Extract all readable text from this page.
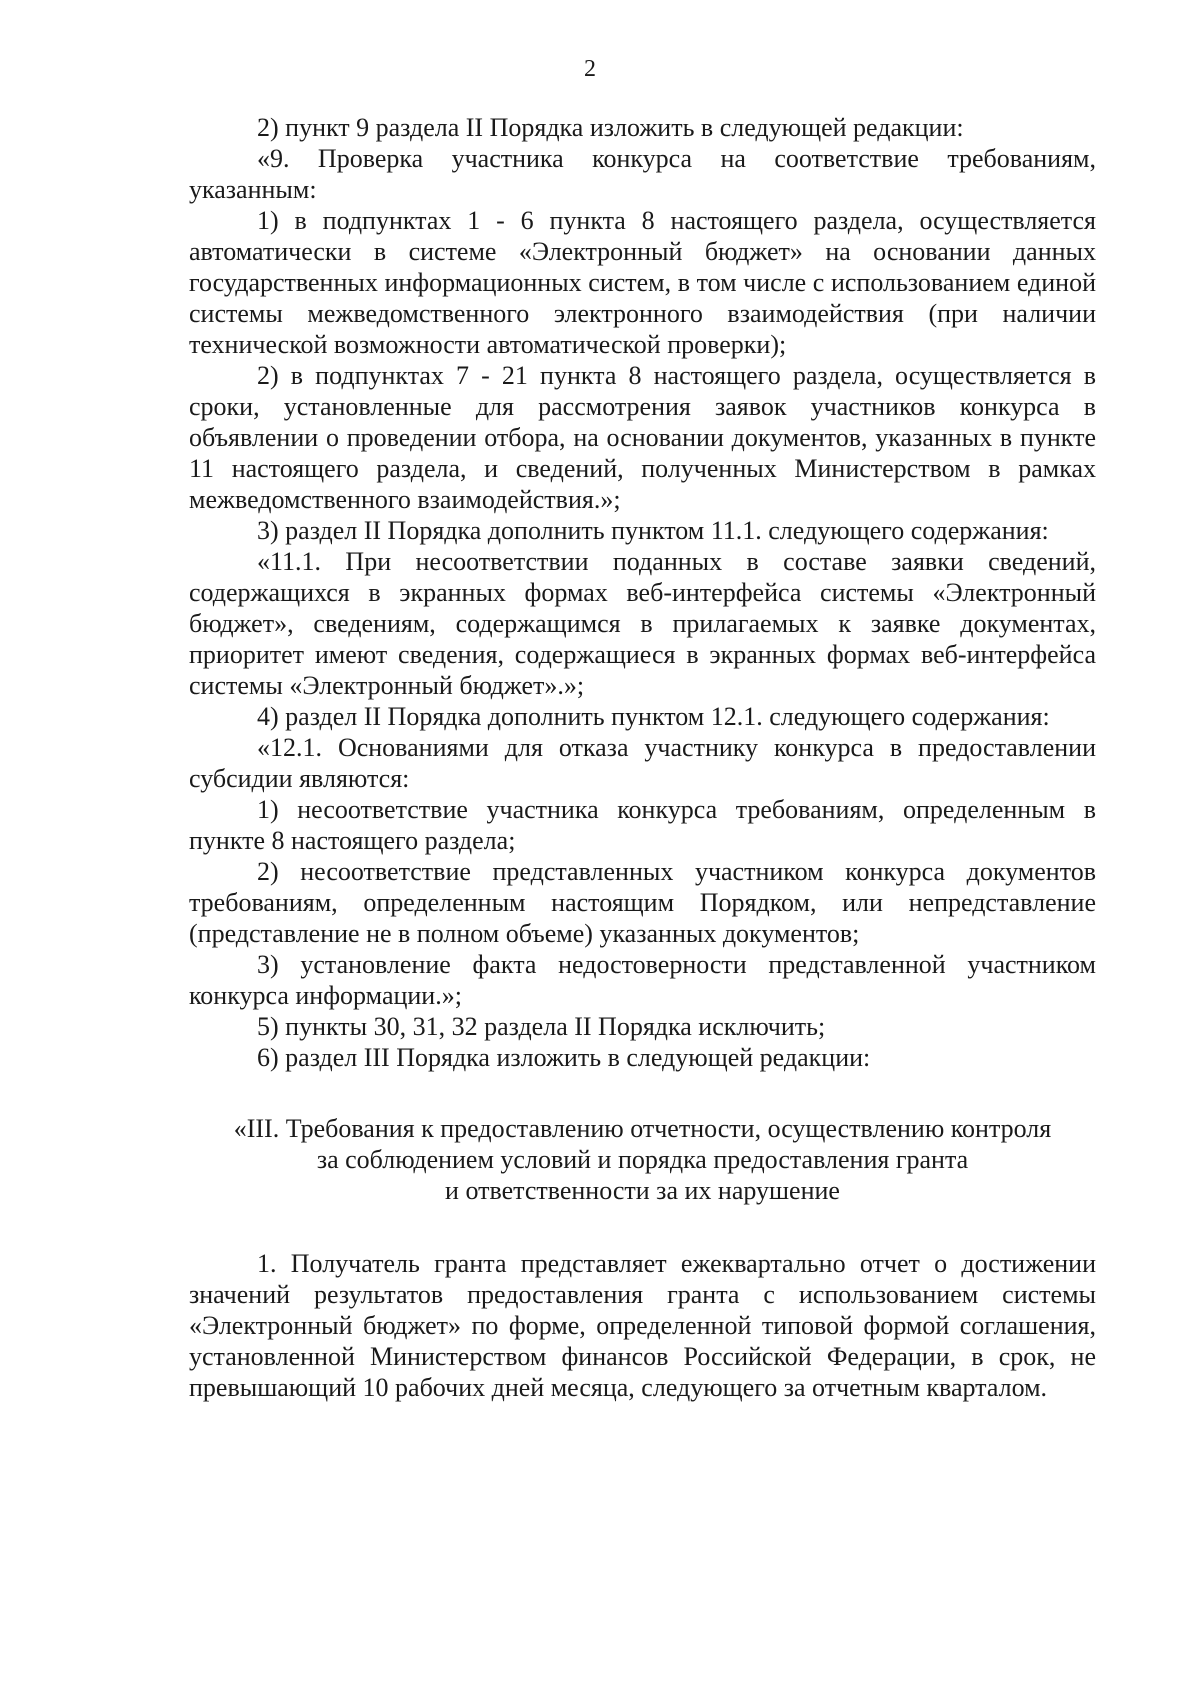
2

2) пункт 9 раздела II Порядка изложить в следующей редакции:

«9. Проверка участника конкурса на соответствие требованиям, указанным:

1) в подпунктах 1 - 6 пункта 8 настоящего раздела, осуществляется автоматически в системе «Электронный бюджет» на основании данных государственных информационных систем, в том числе с использованием единой системы межведомственного электронного взаимодействия (при наличии технической возможности автоматической проверки);

2) в подпунктах 7 - 21 пункта 8 настоящего раздела, осуществляется в сроки, установленные для рассмотрения заявок участников конкурса в объявлении о проведении отбора, на основании документов, указанных в пункте 11 настоящего раздела, и сведений, полученных Министерством в рамках межведомственного взаимодействия.»;

3) раздел II Порядка дополнить пунктом 11.1. следующего содержания:

«11.1. При несоответствии поданных в составе заявки сведений, содержащихся в экранных формах веб-интерфейса системы «Электронный бюджет», сведениям, содержащимся в прилагаемых к заявке документах, приоритет имеют сведения, содержащиеся в экранных формах веб-интерфейса системы «Электронный бюджет».»;

4) раздел II Порядка дополнить пунктом 12.1. следующего содержания:

«12.1. Основаниями для отказа участнику конкурса в предоставлении субсидии являются:

1) несоответствие участника конкурса требованиям, определенным в пункте 8 настоящего раздела;

2) несоответствие представленных участником конкурса документов требованиям, определенным настоящим Порядком, или непредставление (представление не в полном объеме) указанных документов;

3) установление факта недостоверности представленной участником конкурса информации.»;

5) пункты 30, 31, 32 раздела II Порядка исключить;

6) раздел III Порядка изложить в следующей редакции:

«III. Требования к предоставлению отчетности, осуществлению контроля
за соблюдением условий и порядка предоставления гранта
и ответственности за их нарушение

1. Получатель гранта представляет ежеквартально отчет о достижении значений результатов предоставления гранта с использованием системы «Электронный бюджет» по форме, определенной типовой формой соглашения, установленной Министерством финансов Российской Федерации, в срок, не превышающий 10 рабочих дней месяца, следующего за отчетным кварталом.
